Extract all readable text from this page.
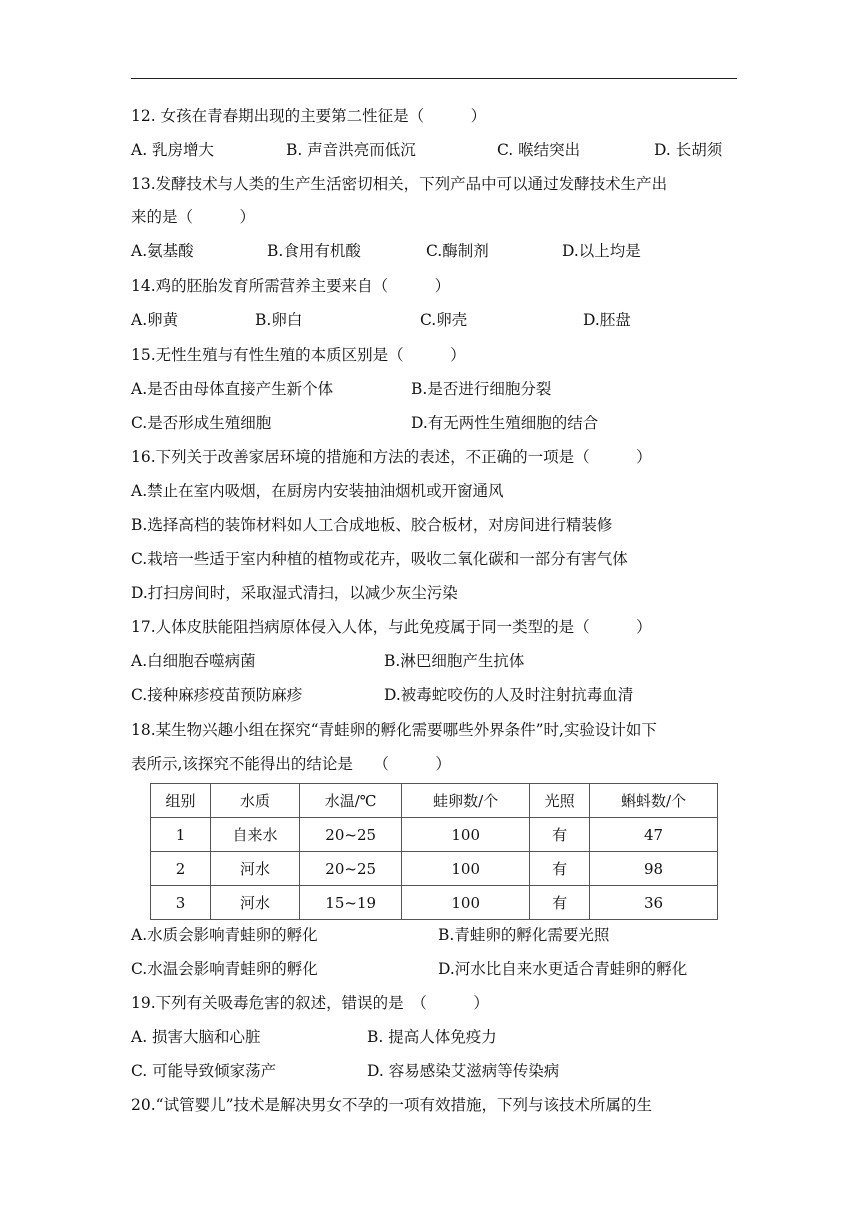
12. 女孩在青春期出现的主要第二性征是（　　　）
A. 乳房增大	B. 声音洪亮而低沉	C. 喉结突出	D. 长胡须
13.发酵技术与人类的生产生活密切相关，下列产品中可以通过发酵技术生产出
来的是（　　　）
A.氨基酸	B.食用有机酸	C.酶制剂	D.以上均是
14.鸡的胚胎发育所需营养主要来自（　　　）
A.卵黄	B.卵白	C.卵壳	D.胚盘
15.无性生殖与有性生殖的本质区别是（　　　）
A.是否由母体直接产生新个体	B.是否进行细胞分裂
C.是否形成生殖细胞	D.有无两性生殖细胞的结合
16.下列关于改善家居环境的措施和方法的表述，不正确的一项是（　　　）
A.禁止在室内吸烟，在厨房内安装抽油烟机或开窗通风
B.选择高档的装饰材料如人工合成地板、胶合板材，对房间进行精装修
C.栽培一些适于室内种植的植物或花卉，吸收二氧化碳和一部分有害气体
D.打扫房间时，采取湿式清扫，以减少灰尘污染
17.人体皮肤能阻挡病原体侵入人体，与此免疫属于同一类型的是（　　　）
A.白细胞吞噬病菌	B.淋巴细胞产生抗体
C.接种麻疹疫苗预防麻疹	D.被毒蛇咬伤的人及时注射抗毒血清
18.某生物兴趣小组在探究“青蛙卵的孵化需要哪些外界条件”时,实验设计如下
表所示,该探究不能得出的结论是　 （　　　）
组别	水质	水温/℃	蛙卵数/个	光照	蝌蚪数/个
1	自来水	20~25	100	有	47
2	河水	20~25	100	有	98
3	河水	15~19	100	有	36
A.水质会影响青蛙卵的孵化	B.青蛙卵的孵化需要光照
C.水温会影响青蛙卵的孵化	D.河水比自来水更适合青蛙卵的孵化
19.下列有关吸毒危害的叙述，错误的是　（　　　）
A. 损害大脑和心脏	B. 提高人体免疫力
C. 可能导致倾家荡产	D. 容易感染艾滋病等传染病
20.“试管婴儿”技术是解决男女不孕的一项有效措施，下列与该技术所属的生
